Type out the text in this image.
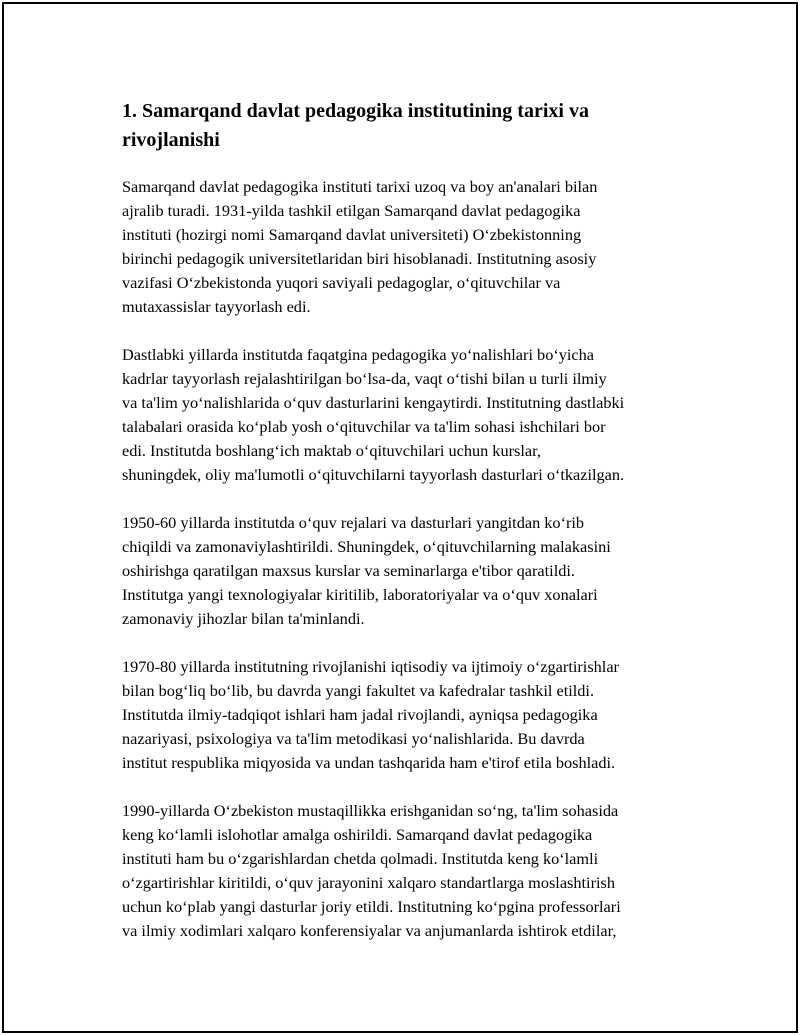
1. Samarqand davlat pedagogika institutining tarixi va
rivojlanishi

Samarqand davlat pedagogika instituti tarixi uzoq va boy an'analari bilan
ajralib turadi. 1931-yilda tashkil etilgan Samarqand davlat pedagogika
instituti (hozirgi nomi Samarqand davlat universiteti) O‘zbekistonning
birinchi pedagogik universitetlaridan biri hisoblanadi. Institutning asosiy
vazifasi O‘zbekistonda yuqori saviyali pedagoglar, o‘qituvchilar va
mutaxassislar tayyorlash edi.

Dastlabki yillarda institutda faqatgina pedagogika yo‘nalishlari bo‘yicha
kadrlar tayyorlash rejalashtirilgan bo‘lsa-da, vaqt o‘tishi bilan u turli ilmiy
va ta'lim yo‘nalishlarida o‘quv dasturlarini kengaytirdi. Institutning dastlabki
talabalari orasida ko‘plab yosh o‘qituvchilar va ta'lim sohasi ishchilari bor
edi. Institutda boshlang‘ich maktab o‘qituvchilari uchun kurslar,
shuningdek, oliy ma'lumotli o‘qituvchilarni tayyorlash dasturlari o‘tkazilgan.

1950-60 yillarda institutda o‘quv rejalari va dasturlari yangitdan ko‘rib
chiqildi va zamonaviylashtirildi. Shuningdek, o‘qituvchilarning malakasini
oshirishga qaratilgan maxsus kurslar va seminarlarga e'tibor qaratildi.
Institutga yangi texnologiyalar kiritilib, laboratoriyalar va o‘quv xonalari
zamonaviy jihozlar bilan ta'minlandi.

1970-80 yillarda institutning rivojlanishi iqtisodiy va ijtimoiy o‘zgartirishlar
bilan bog‘liq bo‘lib, bu davrda yangi fakultet va kafedralar tashkil etildi.
Institutda ilmiy-tadqiqot ishlari ham jadal rivojlandi, ayniqsa pedagogika
nazariyasi, psixologiya va ta'lim metodikasi yo‘nalishlarida. Bu davrda
institut respublika miqyosida va undan tashqarida ham e'tirof etila boshladi.

1990-yillarda O‘zbekiston mustaqillikka erishganidan so‘ng, ta'lim sohasida
keng ko‘lamli islohotlar amalga oshirildi. Samarqand davlat pedagogika
instituti ham bu o‘zgarishlardan chetda qolmadi. Institutda keng ko‘lamli
o‘zgartirishlar kiritildi, o‘quv jarayonini xalqaro standartlarga moslashtirish
uchun ko‘plab yangi dasturlar joriy etildi. Institutning ko‘pgina professorlari
va ilmiy xodimlari xalqaro konferensiyalar va anjumanlarda ishtirok etdilar,
